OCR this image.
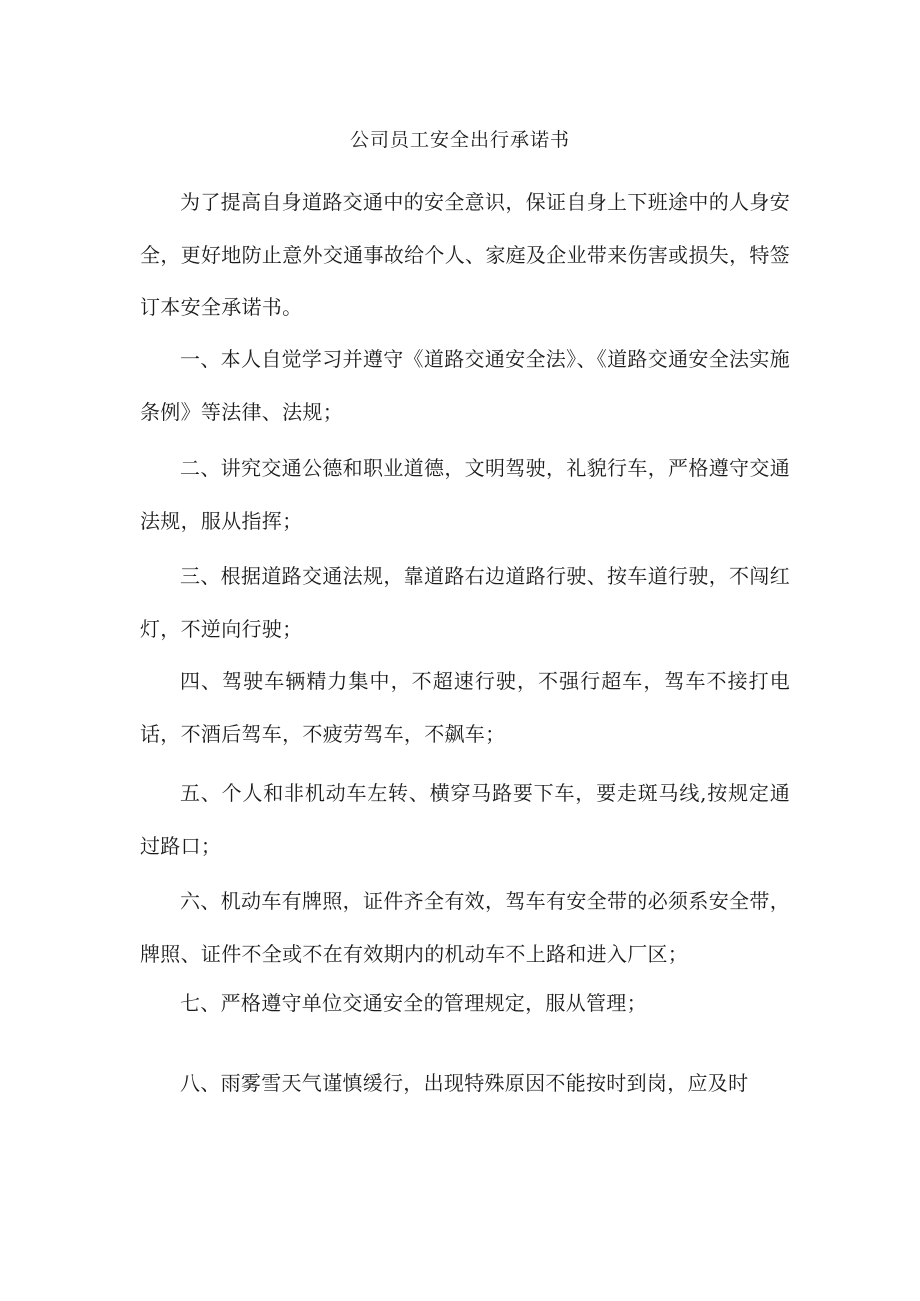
公司员工安全出行承诺书
为了提高自身道路交通中的安全意识，保证自身上下班途中的人身安全，更好地防止意外交通事故给个人、家庭及企业带来伤害或损失，特签订本安全承诺书。
一、本人自觉学习并遵守《道路交通安全法》、《道路交通安全法实施条例》等法律、法规；
二、讲究交通公德和职业道德，文明驾驶，礼貌行车，严格遵守交通法规，服从指挥；
三、根据道路交通法规，靠道路右边道路行驶、按车道行驶，不闯红灯，不逆向行驶；
四、驾驶车辆精力集中，不超速行驶，不强行超车，驾车不接打电话，不酒后驾车，不疲劳驾车，不飙车；
五、个人和非机动车左转、横穿马路要下车，要走斑马线,按规定通过路口；
六、机动车有牌照，证件齐全有效，驾车有安全带的必须系安全带，牌照、证件不全或不在有效期内的机动车不上路和进入厂区；
七、严格遵守单位交通安全的管理规定，服从管理；
八、雨雾雪天气谨慎缓行，出现特殊原因不能按时到岗，应及时
